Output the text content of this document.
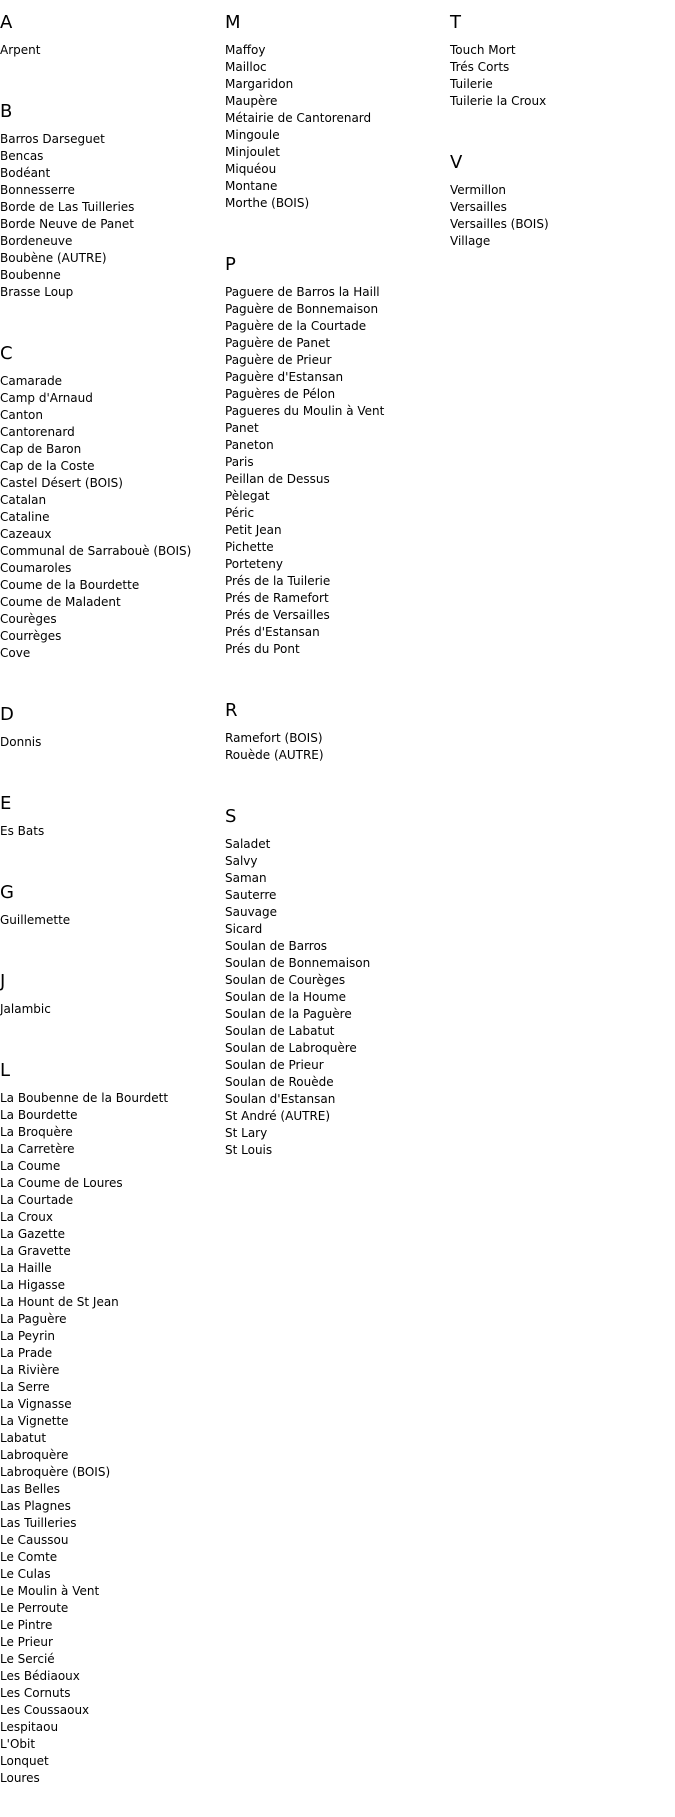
A
Arpent
B
Barros Darseguet
Bencas
Bodéant
Bonnesserre
Borde de Las Tuilleries
Borde Neuve de Panet
Bordeneuve
Boubène (AUTRE)
Boubenne
Brasse Loup
C
Camarade
Camp d'Arnaud
Canton
Cantorenard
Cap de Baron
Cap de la Coste
Castel Désert (BOIS)
Catalan
Cataline
Cazeaux
Communal de Sarrabouè (BOIS)
Coumaroles
Coume de la Bourdette
Coume de Maladent
Courèges
Courrèges
Cove
D
Donnis
E
Es Bats
G
Guillemette
J
Jalambic
L
La Boubenne de la Bourdett
La Bourdette
La Broquère
La Carretère
La Coume
La Coume de Loures
La Courtade
La Croux
La Gazette
La Gravette
La Haille
La Higasse
La Hount de St Jean
La Paguère
La Peyrin
La Prade
La Rivière
La Serre
La Vignasse
La Vignette
Labatut
Labroquère
Labroquère (BOIS)
Las Belles
Las Plagnes
Las Tuilleries
Le Caussou
Le Comte
Le Culas
Le Moulin à Vent
Le Perroute
Le Pintre
Le Prieur
Le Sercié
Les Bédiaoux
Les Cornuts
Les Coussaoux
Lespitaou
L'Obit
Lonquet
Loures
M
Maffoy
Mailloc
Margaridon
Maupère
Métairie de Cantorenard
Mingoule
Minjoulet
Miquéou
Montane
Morthe (BOIS)
P
Paguere de Barros la Haill
Paguère de Bonnemaison
Paguère de la Courtade
Paguère de Panet
Paguère de Prieur
Paguère d'Estansan
Paguères de Pélon
Pagueres du Moulin à Vent
Panet
Paneton
Paris
Peillan de Dessus
Pèlegat
Péric
Petit Jean
Pichette
Porteteny
Prés de la Tuilerie
Prés de Ramefort
Prés de Versailles
Prés d'Estansan
Prés du Pont
R
Ramefort (BOIS)
Rouède (AUTRE)
S
Saladet
Salvy
Saman
Sauterre
Sauvage
Sicard
Soulan de Barros
Soulan de Bonnemaison
Soulan de Courèges
Soulan de la Houme
Soulan de la Paguère
Soulan de Labatut
Soulan de Labroquère
Soulan de Prieur
Soulan de Rouède
Soulan d'Estansan
St André (AUTRE)
St Lary
St Louis
T
Touch Mort
Trés Corts
Tuilerie
Tuilerie la Croux
V
Vermillon
Versailles
Versailles (BOIS)
Village
